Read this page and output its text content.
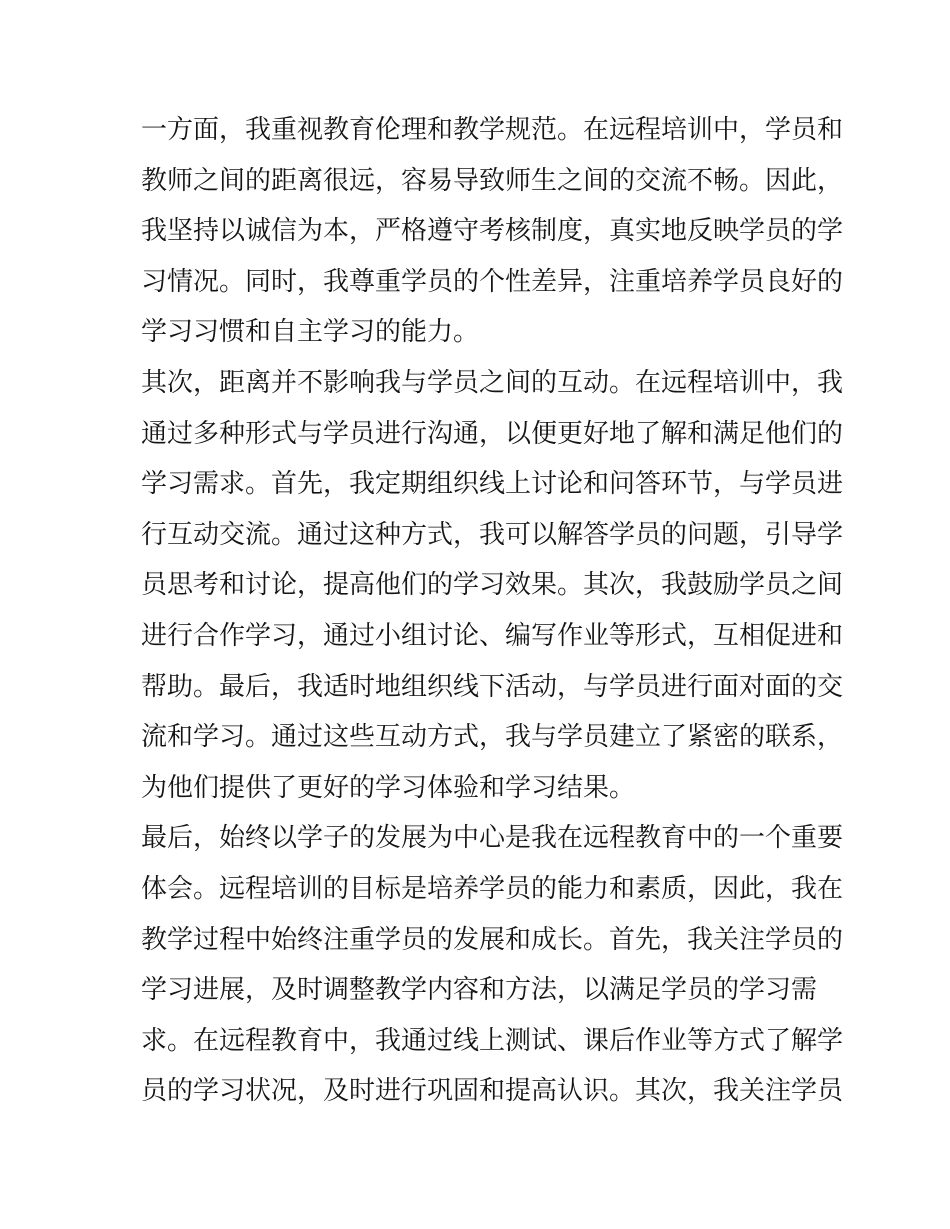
一方面，我重视教育伦理和教学规范。在远程培训中，学员和
教师之间的距离很远，容易导致师生之间的交流不畅。因此，
我坚持以诚信为本，严格遵守考核制度，真实地反映学员的学
习情况。同时，我尊重学员的个性差异，注重培养学员良好的
学习习惯和自主学习的能力。
其次，距离并不影响我与学员之间的互动。在远程培训中，我
通过多种形式与学员进行沟通，以便更好地了解和满足他们的
学习需求。首先，我定期组织线上讨论和问答环节，与学员进
行互动交流。通过这种方式，我可以解答学员的问题，引导学
员思考和讨论，提高他们的学习效果。其次，我鼓励学员之间
进行合作学习，通过小组讨论、编写作业等形式，互相促进和
帮助。最后，我适时地组织线下活动，与学员进行面对面的交
流和学习。通过这些互动方式，我与学员建立了紧密的联系，
为他们提供了更好的学习体验和学习结果。
最后，始终以学子的发展为中心是我在远程教育中的一个重要
体会。远程培训的目标是培养学员的能力和素质，因此，我在
教学过程中始终注重学员的发展和成长。首先，我关注学员的
学习进展，及时调整教学内容和方法，以满足学员的学习需
求。在远程教育中，我通过线上测试、课后作业等方式了解学
员的学习状况，及时进行巩固和提高认识。其次，我关注学员
